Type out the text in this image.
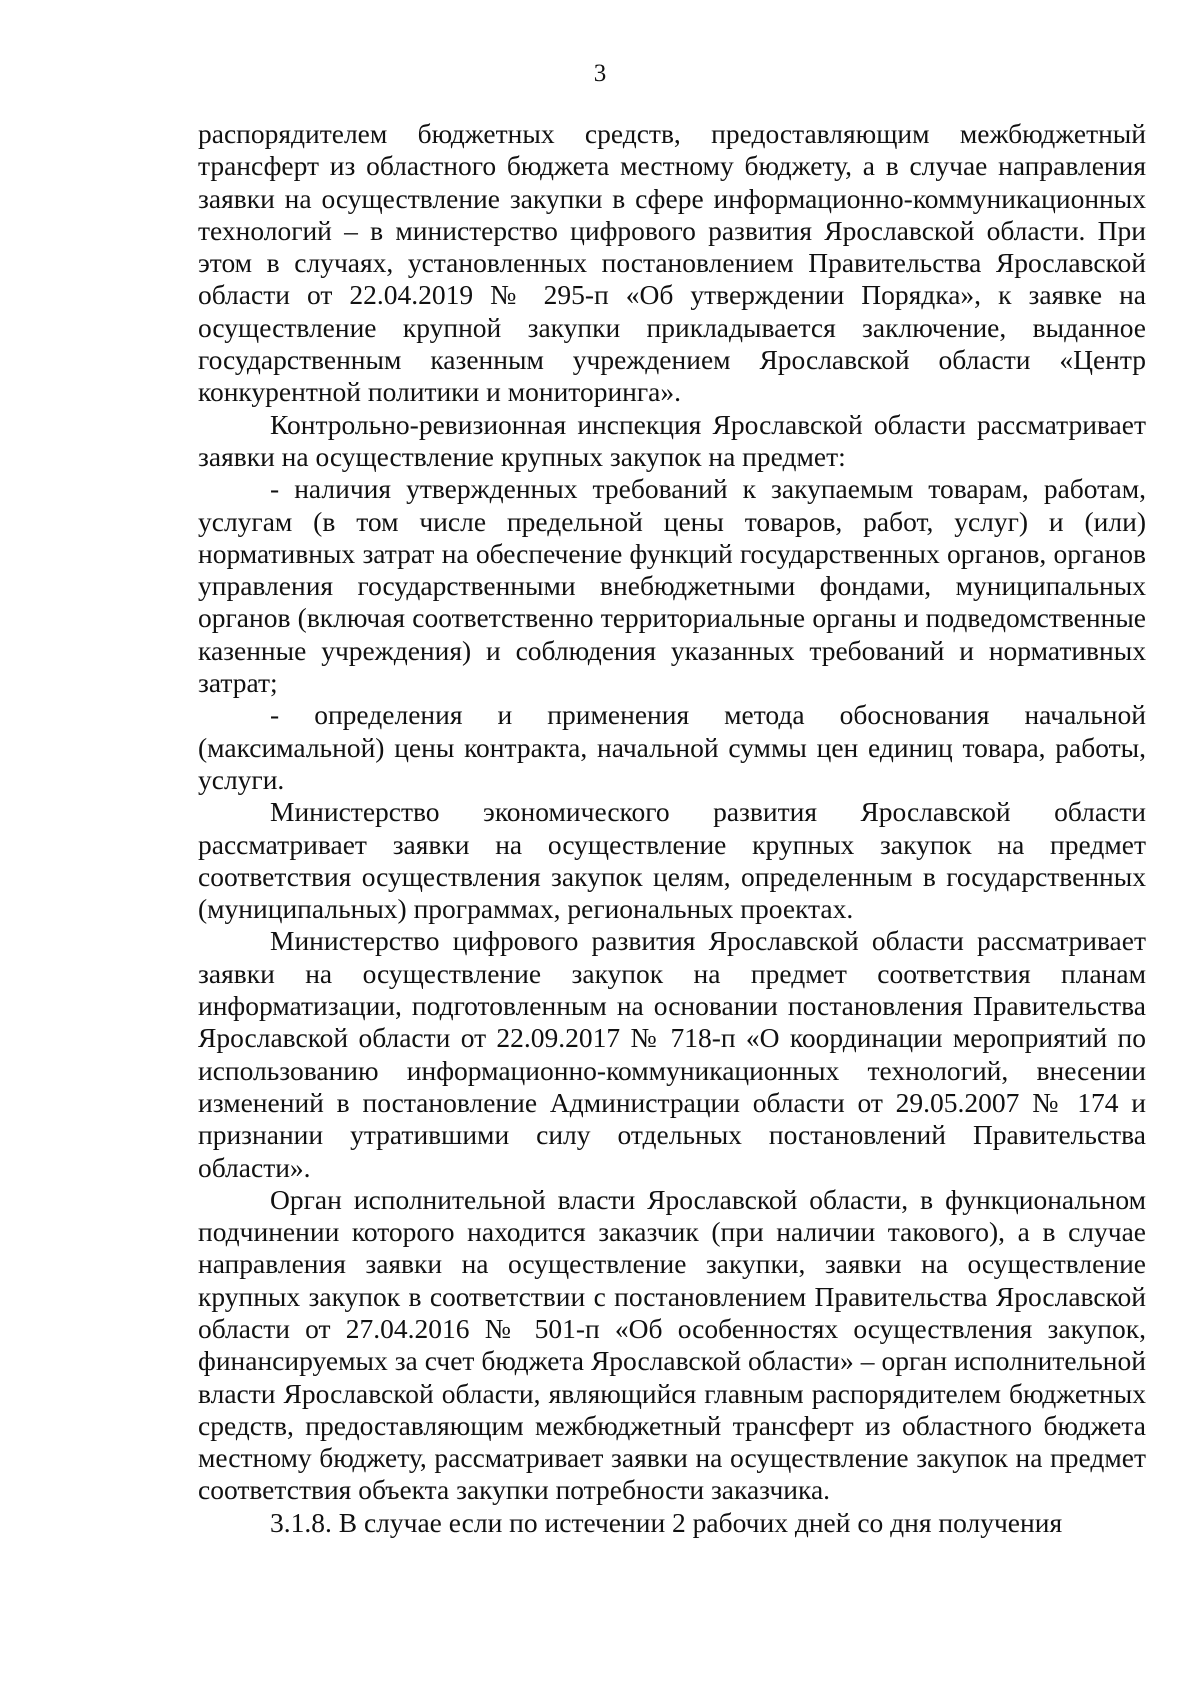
3

распорядителем бюджетных средств, предоставляющим межбюджетный трансферт из областного бюджета местному бюджету, а в случае направления заявки на осуществление закупки в сфере информационно-коммуникационных технологий – в министерство цифрового развития Ярославской области. При этом в случаях, установленных постановлением Правительства Ярославской области от 22.04.2019 № 295-п «Об утверждении Порядка», к заявке на осуществление крупной закупки прикладывается заключение, выданное государственным казенным учреждением Ярославской области «Центр конкурентной политики и мониторинга».

Контрольно-ревизионная инспекция Ярославской области рассматривает заявки на осуществление крупных закупок на предмет:

- наличия утвержденных требований к закупаемым товарам, работам, услугам (в том числе предельной цены товаров, работ, услуг) и (или) нормативных затрат на обеспечение функций государственных органов, органов управления государственными внебюджетными фондами, муниципальных органов (включая соответственно территориальные органы и подведомственные казенные учреждения) и соблюдения указанных требований и нормативных затрат;

- определения и применения метода обоснования начальной (максимальной) цены контракта, начальной суммы цен единиц товара, работы, услуги.

Министерство экономического развития Ярославской области рассматривает заявки на осуществление крупных закупок на предмет соответствия осуществления закупок целям, определенным в государственных (муниципальных) программах, региональных проектах.

Министерство цифрового развития Ярославской области рассматривает заявки на осуществление закупок на предмет соответствия планам информатизации, подготовленным на основании постановления Правительства Ярославской области от 22.09.2017 № 718-п «О координации мероприятий по использованию информационно-коммуникационных технологий, внесении изменений в постановление Администрации области от 29.05.2007 № 174 и признании утратившими силу отдельных постановлений Правительства области».

Орган исполнительной власти Ярославской области, в функциональном подчинении которого находится заказчик (при наличии такового), а в случае направления заявки на осуществление закупки, заявки на осуществление крупных закупок в соответствии с постановлением Правительства Ярославской области от 27.04.2016 № 501-п «Об особенностях осуществления закупок, финансируемых за счет бюджета Ярославской области» – орган исполнительной власти Ярославской области, являющийся главным распорядителем бюджетных средств, предоставляющим межбюджетный трансферт из областного бюджета местному бюджету, рассматривает заявки на осуществление закупок на предмет соответствия объекта закупки потребности заказчика.

3.1.8. В случае если по истечении 2 рабочих дней со дня получения
